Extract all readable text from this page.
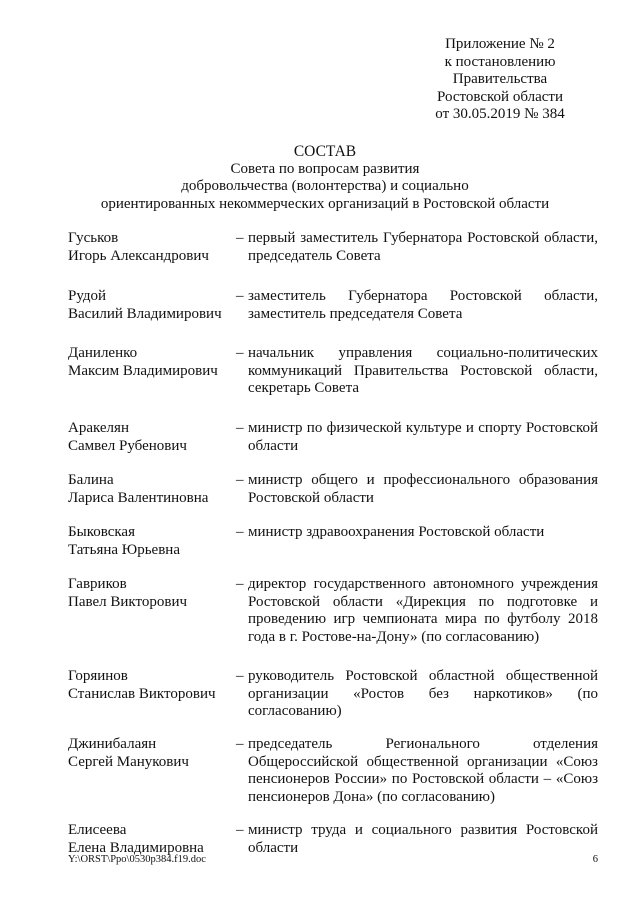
Приложение № 2
к постановлению
Правительства
Ростовской области
от 30.05.2019 № 384
СОСТАВ
Совета по вопросам развития
добровольчества (волонтерства) и социально
ориентированных некоммерческих организаций в Ростовской области
Гуськов
Игорь Александрович
– первый заместитель Губернатора Ростовской области, председатель Совета
Рудой
Василий Владимирович
– заместитель Губернатора Ростовской области, заместитель председателя Совета
Даниленко
Максим Владимирович
– начальник управления социально-политических коммуникаций Правительства Ростовской области, секретарь Совета
Аракелян
Самвел Рубенович
– министр по физической культуре и спорту Ростовской области
Балина
Лариса Валентиновна
– министр общего и профессионального образования Ростовской области
Быковская
Татьяна Юрьевна
– министр здравоохранения Ростовской области
Гавриков
Павел Викторович
– директор государственного автономного учреждения Ростовской области «Дирекция по подготовке и проведению игр чемпионата мира по футболу 2018 года в г. Ростове-на-Дону» (по согласованию)
Горяинов
Станислав Викторович
– руководитель Ростовской областной общественной организации «Ростов без наркотиков» (по согласованию)
Джинибалаян
Сергей Манукович
– председатель Регионального отделения Общероссийской общественной организации «Союз пенсионеров России» по Ростовской области – «Союз пенсионеров Дона» (по согласованию)
Елисеева
Елена Владимировна
– министр труда и социального развития Ростовской области
Y:\ORST\Ppo\0530p384.f19.doc	6
